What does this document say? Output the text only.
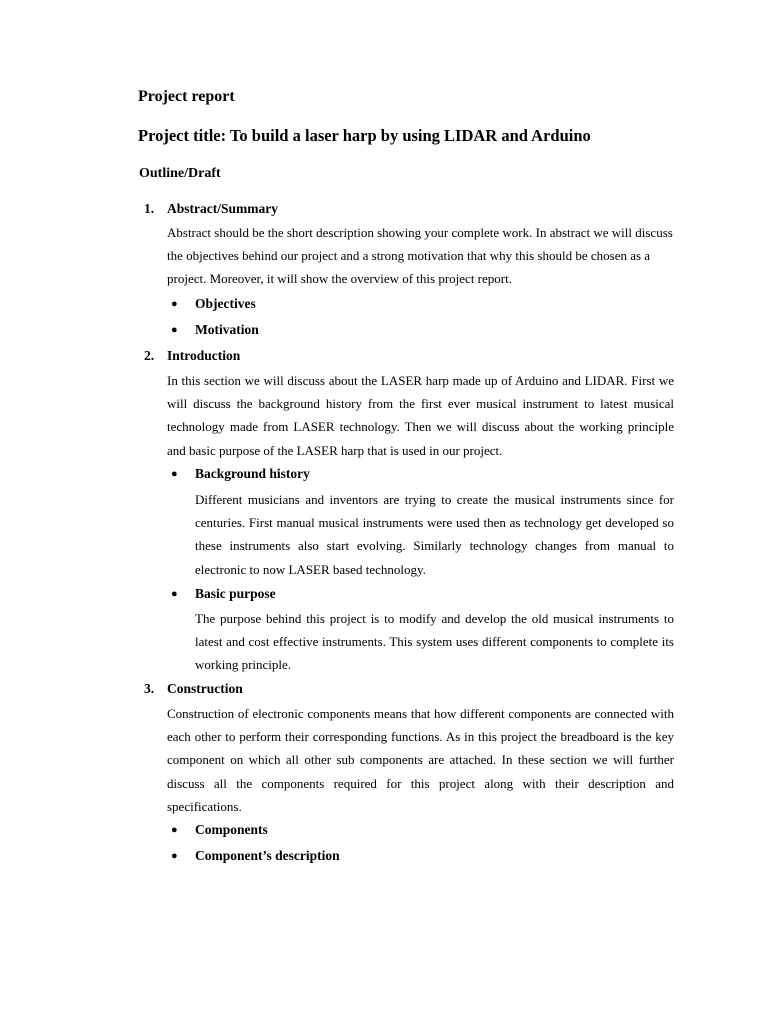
Project report
Project title: To build a laser harp by using LIDAR and Arduino
Outline/Draft
1. Abstract/Summary
Abstract should be the short description showing your complete work. In abstract we will discuss the objectives behind our project and a strong motivation that why this should be chosen as a project. Moreover, it will show the overview of this project report.
● Objectives
● Motivation
2. Introduction
In this section we will discuss about the LASER harp made up of Arduino and LIDAR. First we will discuss the background history from the first ever musical instrument to latest musical technology made from LASER technology. Then we will discuss about the working principle and basic purpose of the LASER harp that is used in our project.
● Background history
Different musicians and inventors are trying to create the musical instruments since for centuries. First manual musical instruments were used then as technology get developed so these instruments also start evolving. Similarly technology changes from manual to electronic to now LASER based technology.
● Basic purpose
The purpose behind this project is to modify and develop the old musical instruments to latest and cost effective instruments. This system uses different components to complete its working principle.
3. Construction
Construction of electronic components means that how different components are connected with each other to perform their corresponding functions. As in this project the breadboard is the key component on which all other sub components are attached. In these section we will further discuss all the components required for this project along with their description and specifications.
● Components
● Component’s description
